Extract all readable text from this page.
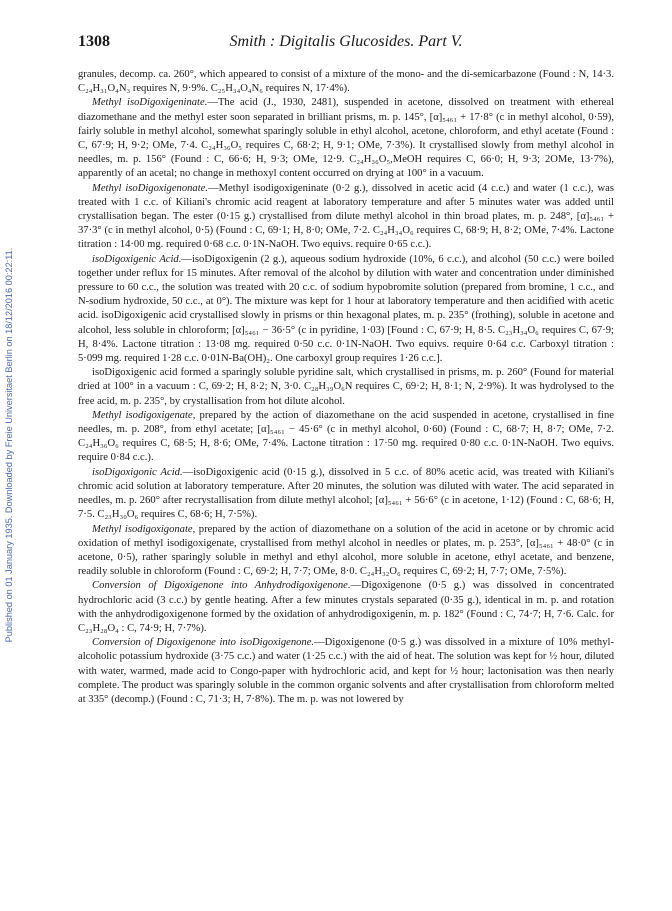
Published on 01 January 1935. Downloaded by Freie Universitaet Berlin on 18/12/2016 00:22:11.
1308	Smith : Digitalis Glucosides. Part V.

granules, decomp. ca. 260°, which appeared to consist of a mixture of the mono- and the di-semicarbazone (Found : N, 14·3. C₂₄H₃₁O₄N₃ requires N, 9·9%. C₂₅H₃₄O₄N₆ requires N, 17·4%).

Methyl isoDigoxigeninate.—The acid (J., 1930, 2481), suspended in acetone, dissolved on treatment with ethereal diazomethane and the methyl ester soon separated in brilliant prisms, m. p. 145°, [α]₅₄₆₁ + 17·8° (c in methyl alcohol, 0·59), fairly soluble in methyl alcohol, somewhat sparingly soluble in ethyl alcohol, acetone, chloroform, and ethyl acetate (Found : C, 67·9; H, 9·2; OMe, 7·4. C₂₄H₃₆O₅ requires C, 68·2; H, 9·1; OMe, 7·3%). It crystallised slowly from methyl alcohol in needles, m. p. 156° (Found : C, 66·6; H, 9·3; OMe, 12·9. C₂₄H₃₆O₅,MeOH requires C, 66·0; H, 9·3; 2OMe, 13·7%), apparently of an acetal; no change in methoxyl content occurred on drying at 100° in a vacuum.

Methyl isoDigoxigenonate.—Methyl isodigoxigeninate (0·2 g.), dissolved in acetic acid (4 c.c.) and water (1 c.c.), was treated with 1 c.c. of Kiliani's chromic acid reagent at laboratory temperature and after 5 minutes water was added until crystallisation began. The ester (0·15 g.) crystallised from dilute methyl alcohol in thin broad plates, m. p. 248°, [α]₅₄₆₁ + 37·3° (c in methyl alcohol, 0·5) (Found : C, 69·1; H, 8·0; OMe, 7·2. C₂₄H₃₄O₆ requires C, 68·9; H, 8·2; OMe, 7·4%. Lactone titration : 14·00 mg. required 0·68 c.c. 0·1N-NaOH. Two equivs. require 0·65 c.c.).

isoDigoxigenic Acid.—isoDigoxigenin (2 g.), aqueous sodium hydroxide (10%, 6 c.c.), and alcohol (50 c.c.) were boiled together under reflux for 15 minutes. After removal of the alcohol by dilution with water and concentration under diminished pressure to 60 c.c., the solution was treated with 20 c.c. of sodium hypobromite solution (prepared from bromine, 1 c.c., and N-sodium hydroxide, 50 c.c., at 0°). The mixture was kept for 1 hour at laboratory temperature and then acidified with acetic acid. isoDigoxigenic acid crystallised slowly in prisms or thin hexagonal plates, m. p. 235° (frothing), soluble in acetone and alcohol, less soluble in chloroform; [α]₅₄₆₁ − 36·5° (c in pyridine, 1·03) [Found : C, 67·9; H, 8·5. C₂₃H₃₄O₆ requires C, 67·9; H, 8·4%. Lactone titration : 13·08 mg. required 0·50 c.c. 0·1N-NaOH. Two equivs. require 0·64 c.c. Carboxyl titration : 5·099 mg. required 1·28 c.c. 0·01N-Ba(OH)₂. One carboxyl group requires 1·26 c.c.].

isoDigoxigenic acid formed a sparingly soluble pyridine salt, which crystallised in prisms, m. p. 260° (Found for material dried at 100° in a vacuum : C, 69·2; H, 8·2; N, 3·0. C₂₈H₃₉O₆N requires C, 69·2; H, 8·1; N, 2·9%). It was hydrolysed to the free acid, m. p. 235°, by crystallisation from hot dilute alcohol.

Methyl isodigoxigenate, prepared by the action of diazomethane on the acid suspended in acetone, crystallised in fine needles, m. p. 208°, from ethyl acetate; [α]₅₄₆₁ − 45·6° (c in methyl alcohol, 0·60) (Found : C, 68·7; H, 8·7; OMe, 7·2. C₂₄H₃₆O₆ requires C, 68·5; H, 8·6; OMe, 7·4%. Lactone titration : 17·50 mg. required 0·80 c.c. 0·1N-NaOH. Two equivs. require 0·84 c.c.).

isoDigoxigonic Acid.—isoDigoxigenic acid (0·15 g.), dissolved in 5 c.c. of 80% acetic acid, was treated with Kiliani's chromic acid solution at laboratory temperature. After 20 minutes, the solution was diluted with water. The acid separated in needles, m. p. 260° after recrystallisation from dilute methyl alcohol; [α]₅₄₆₁ + 56·6° (c in acetone, 1·12) (Found : C, 68·6; H, 7·5. C₂₃H₃₀O₆ requires C, 68·6; H, 7·5%).

Methyl isodigoxigonate, prepared by the action of diazomethane on a solution of the acid in acetone or by chromic acid oxidation of methyl isodigoxigenate, crystallised from methyl alcohol in needles or plates, m. p. 253°, [α]₅₄₆₁ + 48·0° (c in acetone, 0·5), rather sparingly soluble in methyl and ethyl alcohol, more soluble in acetone, ethyl acetate, and benzene, readily soluble in chloroform (Found : C, 69·2; H, 7·7; OMe, 8·0. C₂₄H₃₂O₆ requires C, 69·2; H, 7·7; OMe, 7·5%).

Conversion of Digoxigenone into Anhydrodigoxigenone.—Digoxigenone (0·5 g.) was dissolved in concentrated hydrochloric acid (3 c.c.) by gentle heating. After a few minutes crystals separated (0·35 g.), identical in m. p. and rotation with the anhydrodigoxigenone formed by the oxidation of anhydrodigoxigenin, m. p. 182° (Found : C, 74·7; H, 7·6. Calc. for C₂₃H₂₈O₄ : C, 74·9; H, 7·7%).

Conversion of Digoxigenone into isoDigoxigenone.—Digoxigenone (0·5 g.) was dissolved in a mixture of 10% methyl-alcoholic potassium hydroxide (3·75 c.c.) and water (1·25 c.c.) with the aid of heat. The solution was kept for ½ hour, diluted with water, warmed, made acid to Congo-paper with hydrochloric acid, and kept for ½ hour; lactonisation was then nearly complete. The product was sparingly soluble in the common organic solvents and after crystallisation from chloroform melted at 335° (decomp.) (Found : C, 71·3; H, 7·8%). The m. p. was not lowered by
